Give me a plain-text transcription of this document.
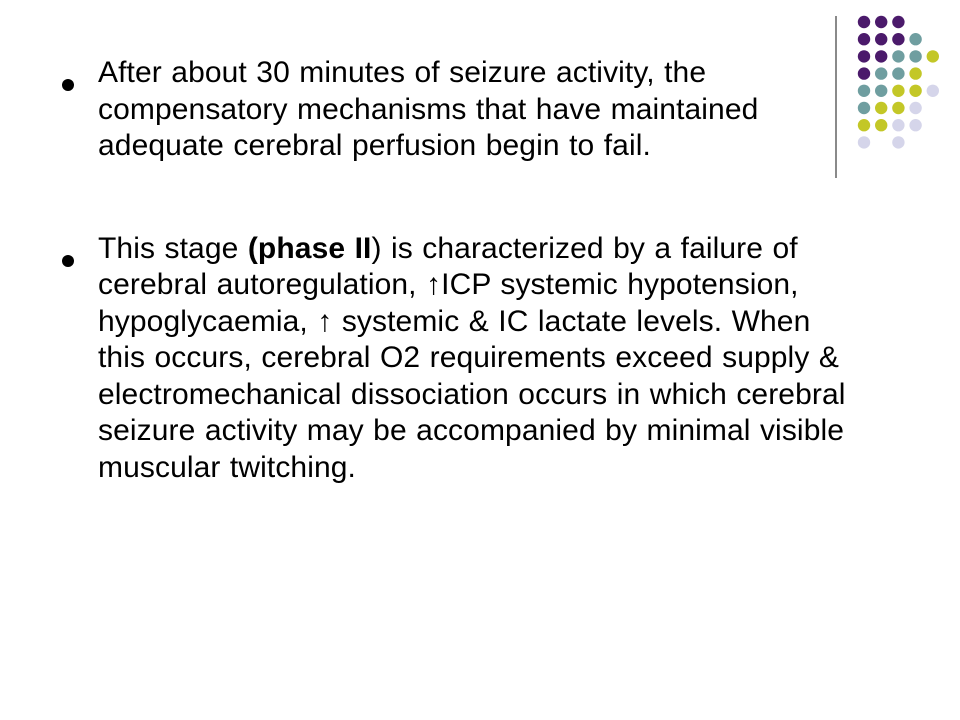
After about 30 minutes of seizure activity, the compensatory mechanisms that have maintained adequate cerebral perfusion begin to fail.
This stage (phase II) is characterized by a failure of cerebral autoregulation, ↑ICP systemic hypotension, hypoglycaemia, ↑ systemic & IC lactate levels. When this occurs, cerebral O2 requirements exceed supply & electromechanical dissociation occurs in which cerebral seizure activity may be accompanied by minimal visible muscular twitching.
